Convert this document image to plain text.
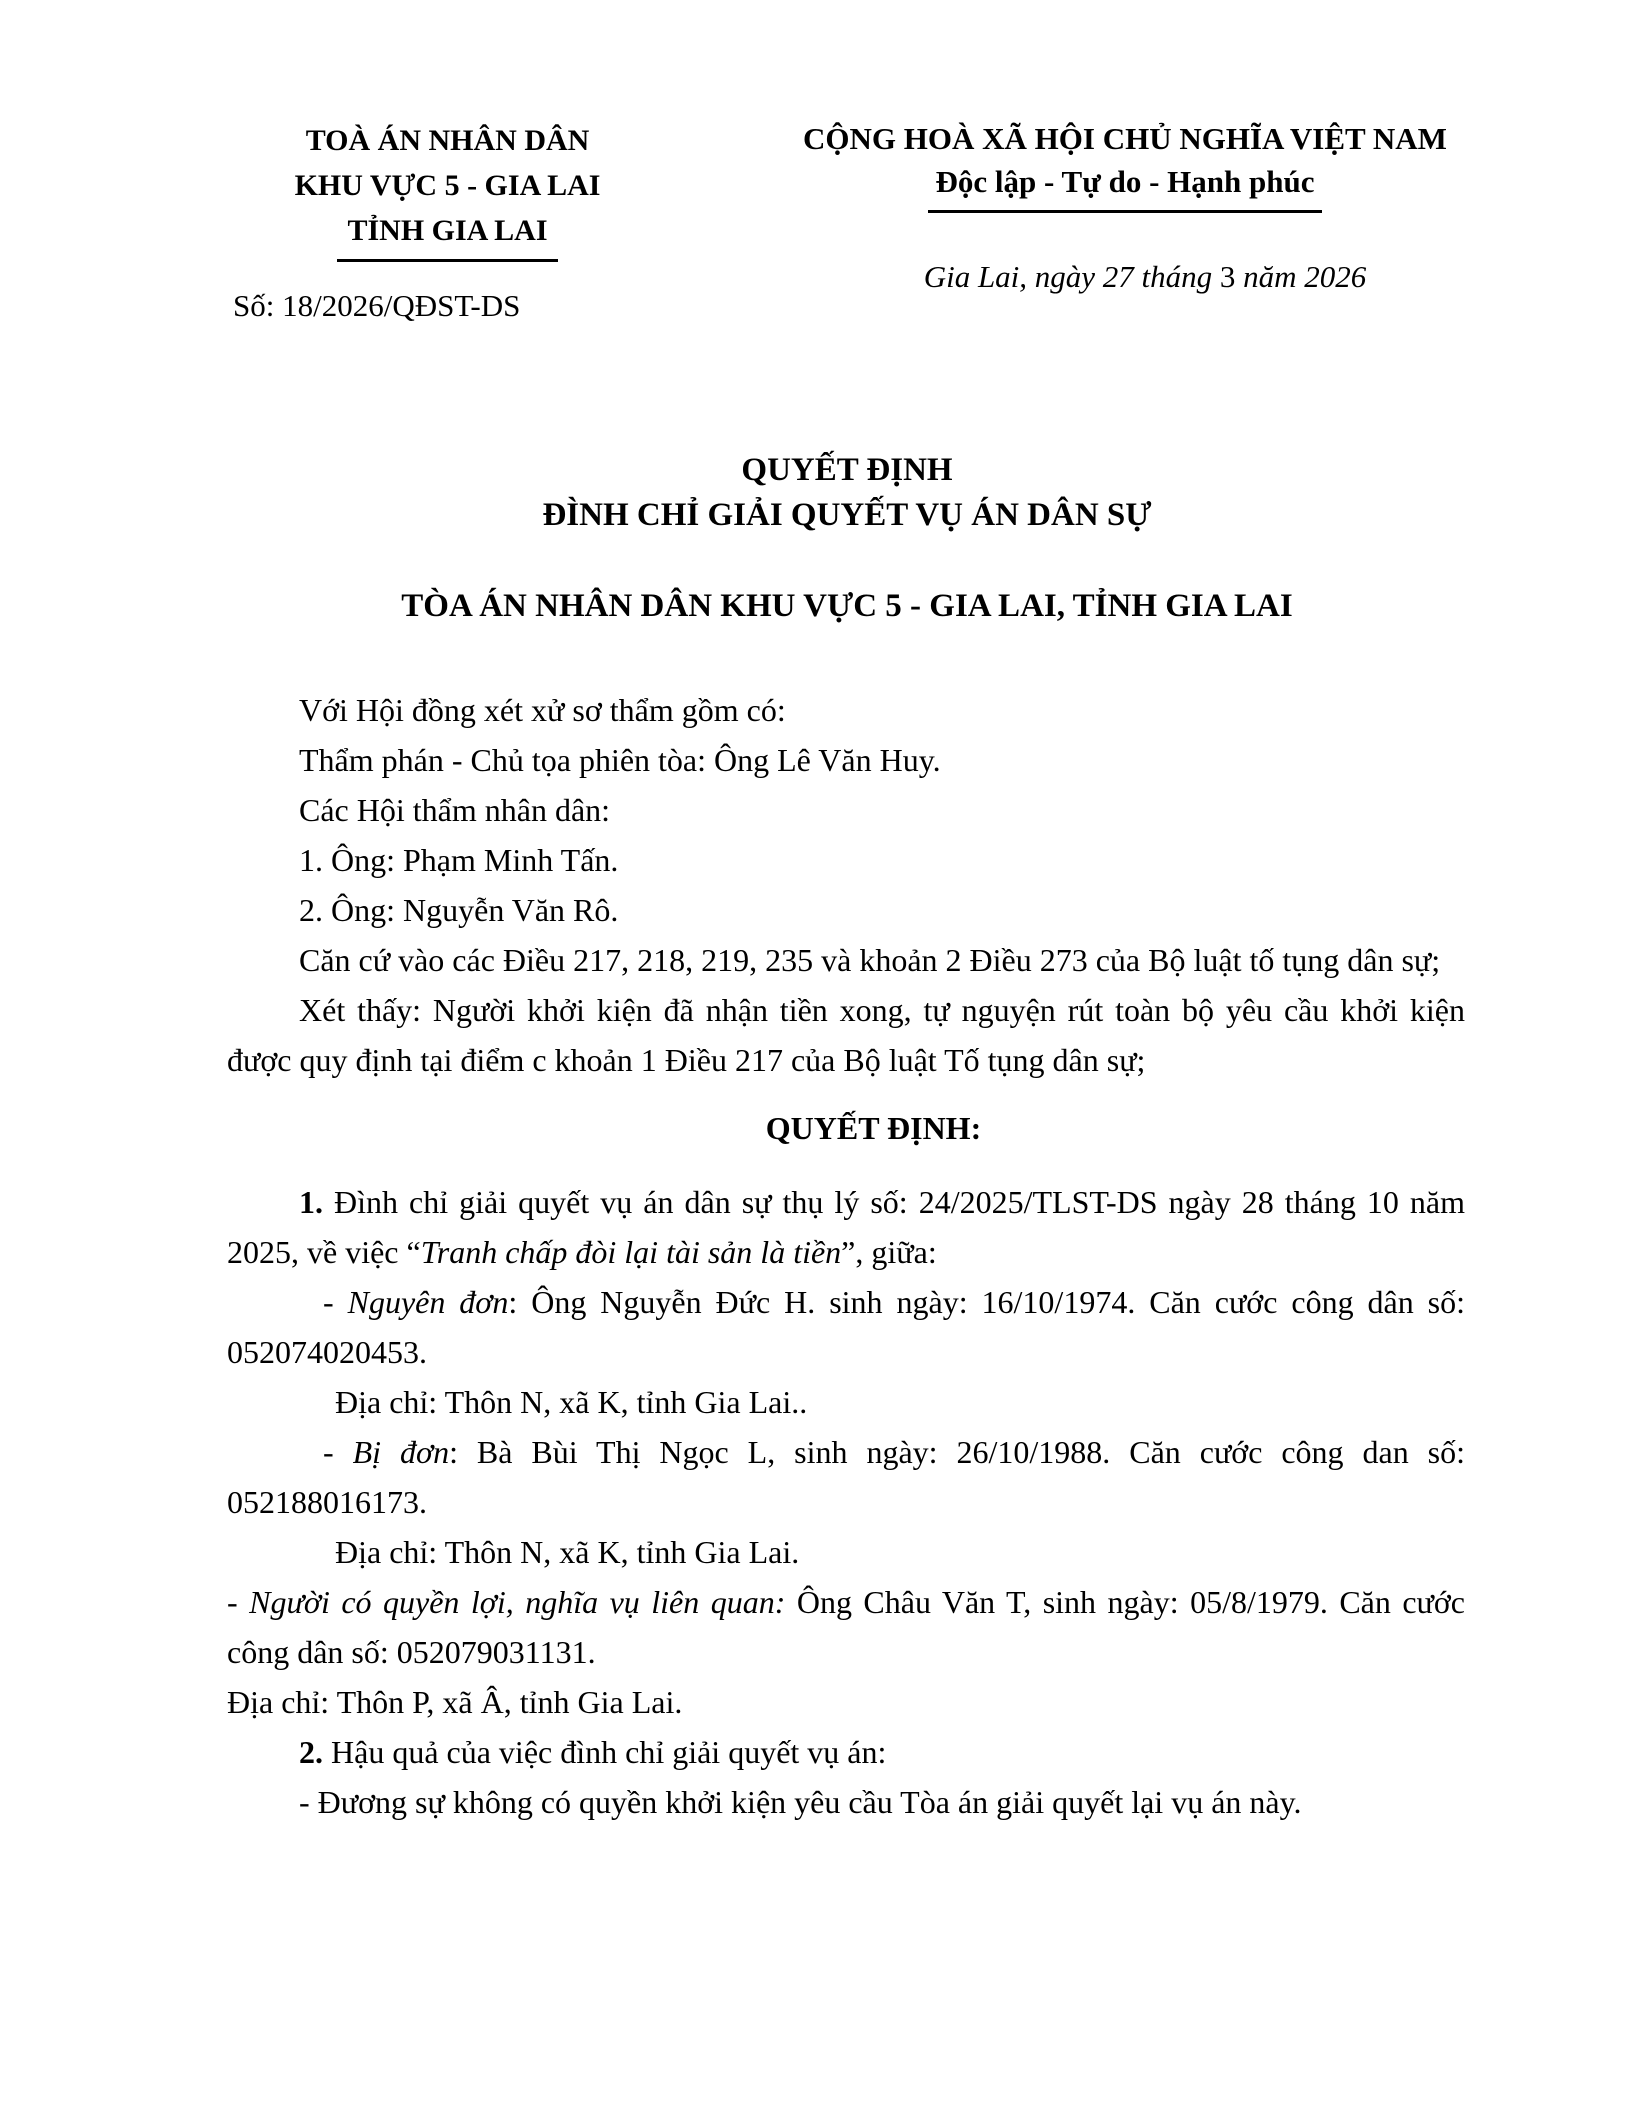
TOÀ ÁN NHÂN DÂN
KHU VỰC 5 - GIA LAI
TỈNH GIA LAI
Số: 18/2026/QĐST-DS
CỘNG HOÀ XÃ HỘI CHỦ NGHĨA VIỆT NAM
Độc lập - Tự do - Hạnh phúc
Gia Lai, ngày 27 tháng 3 năm 2026
QUYẾT ĐỊNH
ĐÌNH CHỈ GIẢI QUYẾT VỤ ÁN DÂN SỰ
TÒA ÁN NHÂN DÂN KHU VỰC 5 - GIA LAI, TỈNH GIA LAI

Với Hội đồng xét xử sơ thẩm gồm có:

Thẩm phán - Chủ tọa phiên tòa: Ông Lê Văn Huy.

Các Hội thẩm nhân dân:

1. Ông: Phạm Minh Tấn.

2. Ông: Nguyễn Văn Rô.

Căn cứ vào các Điều 217, 218, 219, 235 và khoản 2 Điều 273 của Bộ luật tố tụng dân sự;

Xét thấy: Người khởi kiện đã nhận tiền xong, tự nguyện rút toàn bộ yêu cầu khởi kiện được quy định tại điểm c khoản 1 Điều 217 của Bộ luật Tố tụng dân sự;

QUYẾT ĐỊNH:

1. Đình chỉ giải quyết vụ án dân sự thụ lý số: 24/2025/TLST-DS ngày 28 tháng 10 năm 2025, về việc “Tranh chấp đòi lại tài sản là tiền”, giữa:

- Nguyên đơn: Ông Nguyễn Đức H. sinh ngày: 16/10/1974. Căn cước công dân số: 052074020453.

Địa chỉ: Thôn N, xã K, tỉnh Gia Lai..

- Bị đơn: Bà Bùi Thị Ngọc L, sinh ngày: 26/10/1988. Căn cước công dan số: 052188016173.

Địa chỉ: Thôn N, xã K, tỉnh Gia Lai.

- Người có quyền lợi, nghĩa vụ liên quan: Ông Châu Văn T, sinh ngày: 05/8/1979. Căn cước công dân số: 052079031131.

Địa chỉ: Thôn P, xã Â, tỉnh Gia Lai.

2. Hậu quả của việc đình chỉ giải quyết vụ án:

- Đương sự không có quyền khởi kiện yêu cầu Tòa án giải quyết lại vụ án này.
